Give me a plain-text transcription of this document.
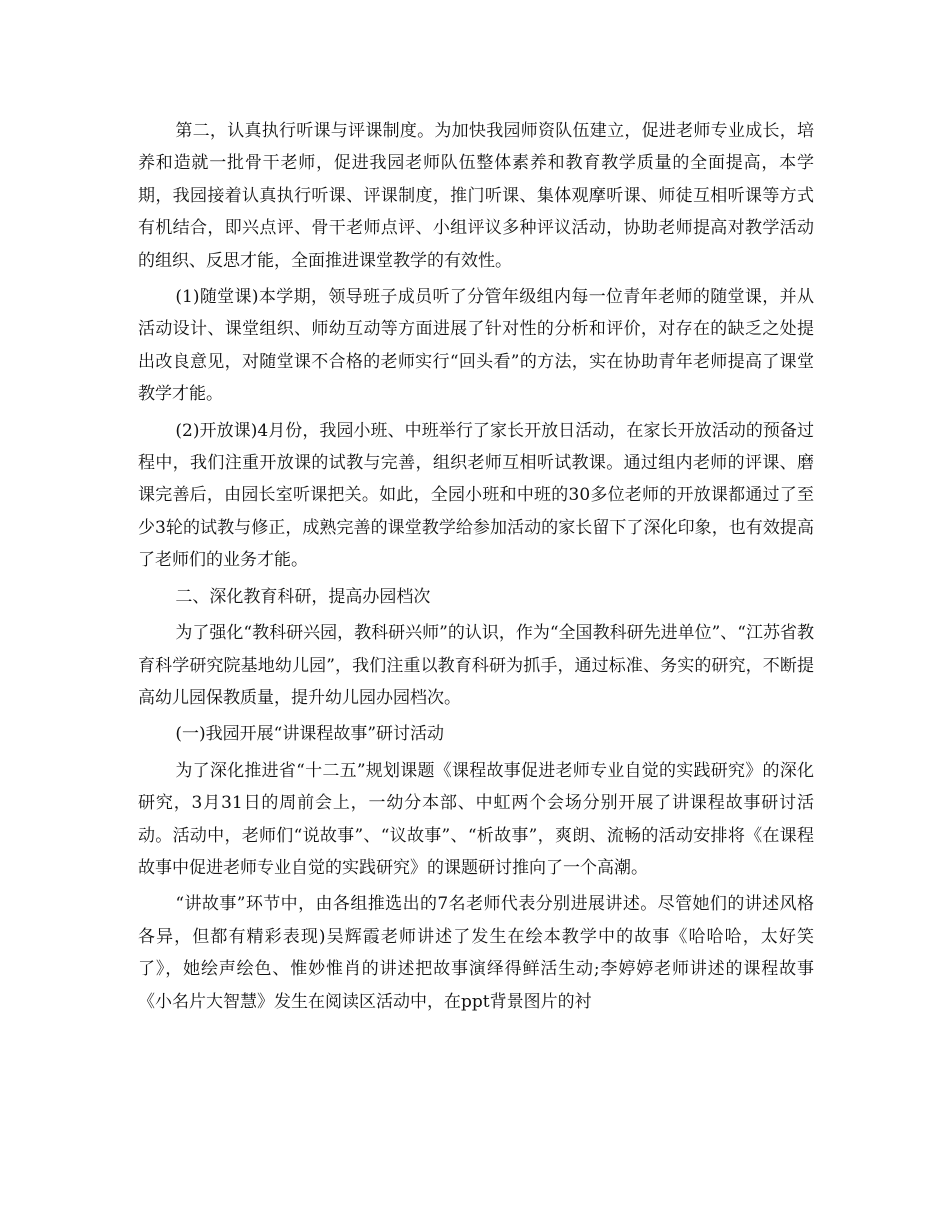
第二，认真执行听课与评课制度。为加快我园师资队伍建立，促进老师专业成长，培养和造就一批骨干老师，促进我园老师队伍整体素养和教育教学质量的全面提高，本学期，我园接着认真执行听课、评课制度，推门听课、集体观摩听课、师徒互相听课等方式有机结合，即兴点评、骨干老师点评、小组评议多种评议活动，协助老师提高对教学活动的组织、反思才能，全面推进课堂教学的有效性。

(1)随堂课)本学期，领导班子成员听了分管年级组内每一位青年老师的随堂课，并从活动设计、课堂组织、师幼互动等方面进展了针对性的分析和评价，对存在的缺乏之处提出改良意见，对随堂课不合格的老师实行“回头看”的方法，实在协助青年老师提高了课堂教学才能。

(2)开放课)4月份，我园小班、中班举行了家长开放日活动，在家长开放活动的预备过程中，我们注重开放课的试教与完善，组织老师互相听试教课。通过组内老师的评课、磨课完善后，由园长室听课把关。如此，全园小班和中班的30多位老师的开放课都通过了至少3轮的试教与修正，成熟完善的课堂教学给参加活动的家长留下了深化印象，也有效提高了老师们的业务才能。

二、深化教育科研，提高办园档次

为了强化“教科研兴园，教科研兴师”的认识，作为“全国教科研先进单位”、“江苏省教育科学研究院基地幼儿园”，我们注重以教育科研为抓手，通过标准、务实的研究，不断提高幼儿园保教质量，提升幼儿园办园档次。

(一)我园开展“讲课程故事”研讨活动

为了深化推进省“十二五”规划课题《课程故事促进老师专业自觉的实践研究》的深化研究，3月31日的周前会上，一幼分本部、中虹两个会场分别开展了讲课程故事研讨活动。活动中，老师们“说故事”、“议故事”、“析故事”，爽朗、流畅的活动安排将《在课程故事中促进老师专业自觉的实践研究》的课题研讨推向了一个高潮。

“讲故事”环节中，由各组推选出的7名老师代表分别进展讲述。尽管她们的讲述风格各异，但都有精彩表现)吴辉霞老师讲述了发生在绘本教学中的故事《哈哈哈，太好笑了》，她绘声绘色、惟妙惟肖的讲述把故事演绎得鲜活生动;李婷婷老师讲述的课程故事《小名片大智慧》发生在阅读区活动中，在ppt背景图片的衬
